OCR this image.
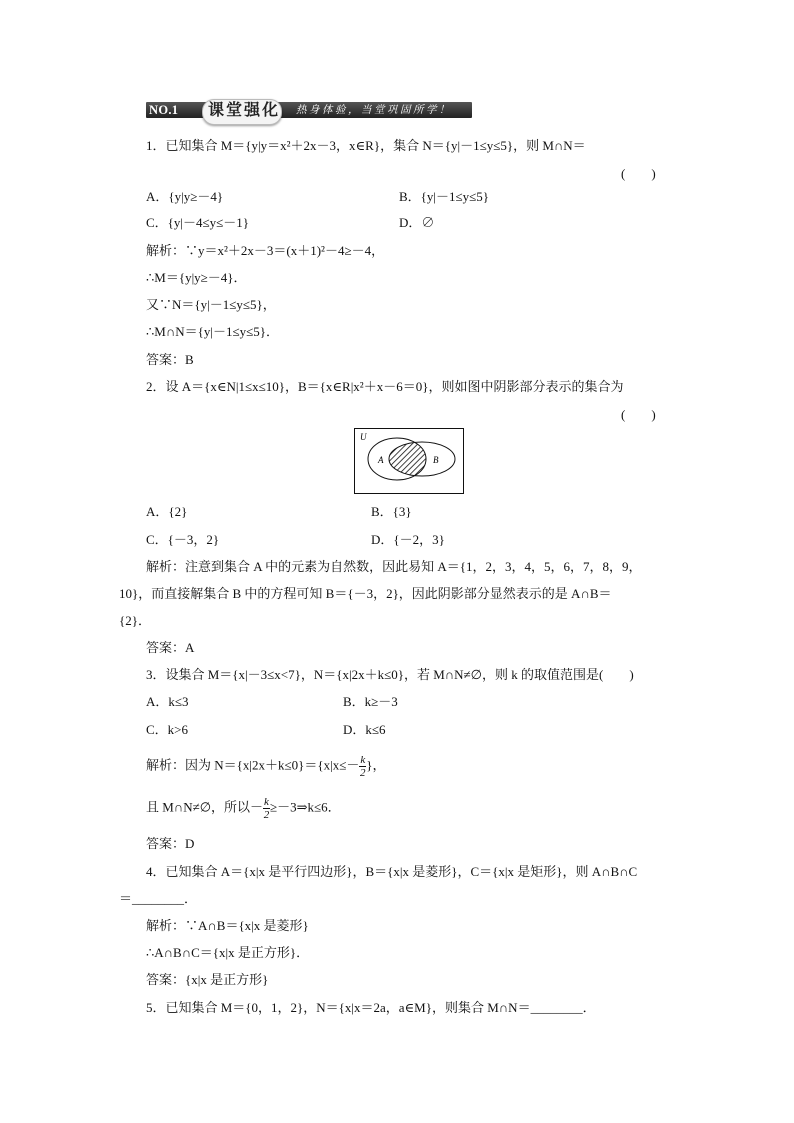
NO.1 课堂强化 热身体验，当堂巩固所学！
1．已知集合 M＝{y|y＝x²＋2x－3，x∈R}，集合 N＝{y|－1≤y≤5}，则 M∩N＝
(　　)
A．{y|y≥－4}	B．{y|－1≤y≤5}
C．{y|－4≤y≤－1}	D．∅
解析：∵y＝x²＋2x－3＝(x＋1)²－4≥－4，
∴M＝{y|y≥－4}．
又∵N＝{y|－1≤y≤5}，
∴M∩N＝{y|－1≤y≤5}．
答案：B
2．设 A＝{x∈N|1≤x≤10}，B＝{x∈R|x²＋x－6＝0}，则如图中阴影部分表示的集合为
(　　)
U
A	B
A．{2}	B．{3}
C．{－3，2}	D．{－2，3}
解析：注意到集合 A 中的元素为自然数，因此易知 A＝{1，2，3，4，5，6，7，8，9，
10}，而直接解集合 B 中的方程可知 B＝{－3，2}，因此阴影部分显然表示的是 A∩B＝
{2}．
答案：A
3．设集合 M＝{x|－3≤x<7}，N＝{x|2x＋k≤0}，若 M∩N≠∅，则 k 的取值范围是(　　)
A．k≤3	B．k≥－3
C．k>6	D．k≤6
解析：因为 $N=\{x|2x+k\le 0\}=\{x|x\le- \frac{k}{2}$ }，
且 M∩N≠∅，所以－ $\frac{k}{2}$ ≥－3⇒k≤6．
答案：D
4．已知集合 A＝{x|x 是平行四边形}，B＝{x|x 是菱形}，C＝{x|x 是矩形}，则 A∩B∩C
＝________．
解析：∵A∩B＝{x|x 是菱形}
∴A∩B∩C＝{x|x 是正方形}．
答案：{x|x 是正方形}
5．已知集合 M＝{0，1，2}，N＝{x|x＝2a，a∈M}，则集合 M∩N＝________．
